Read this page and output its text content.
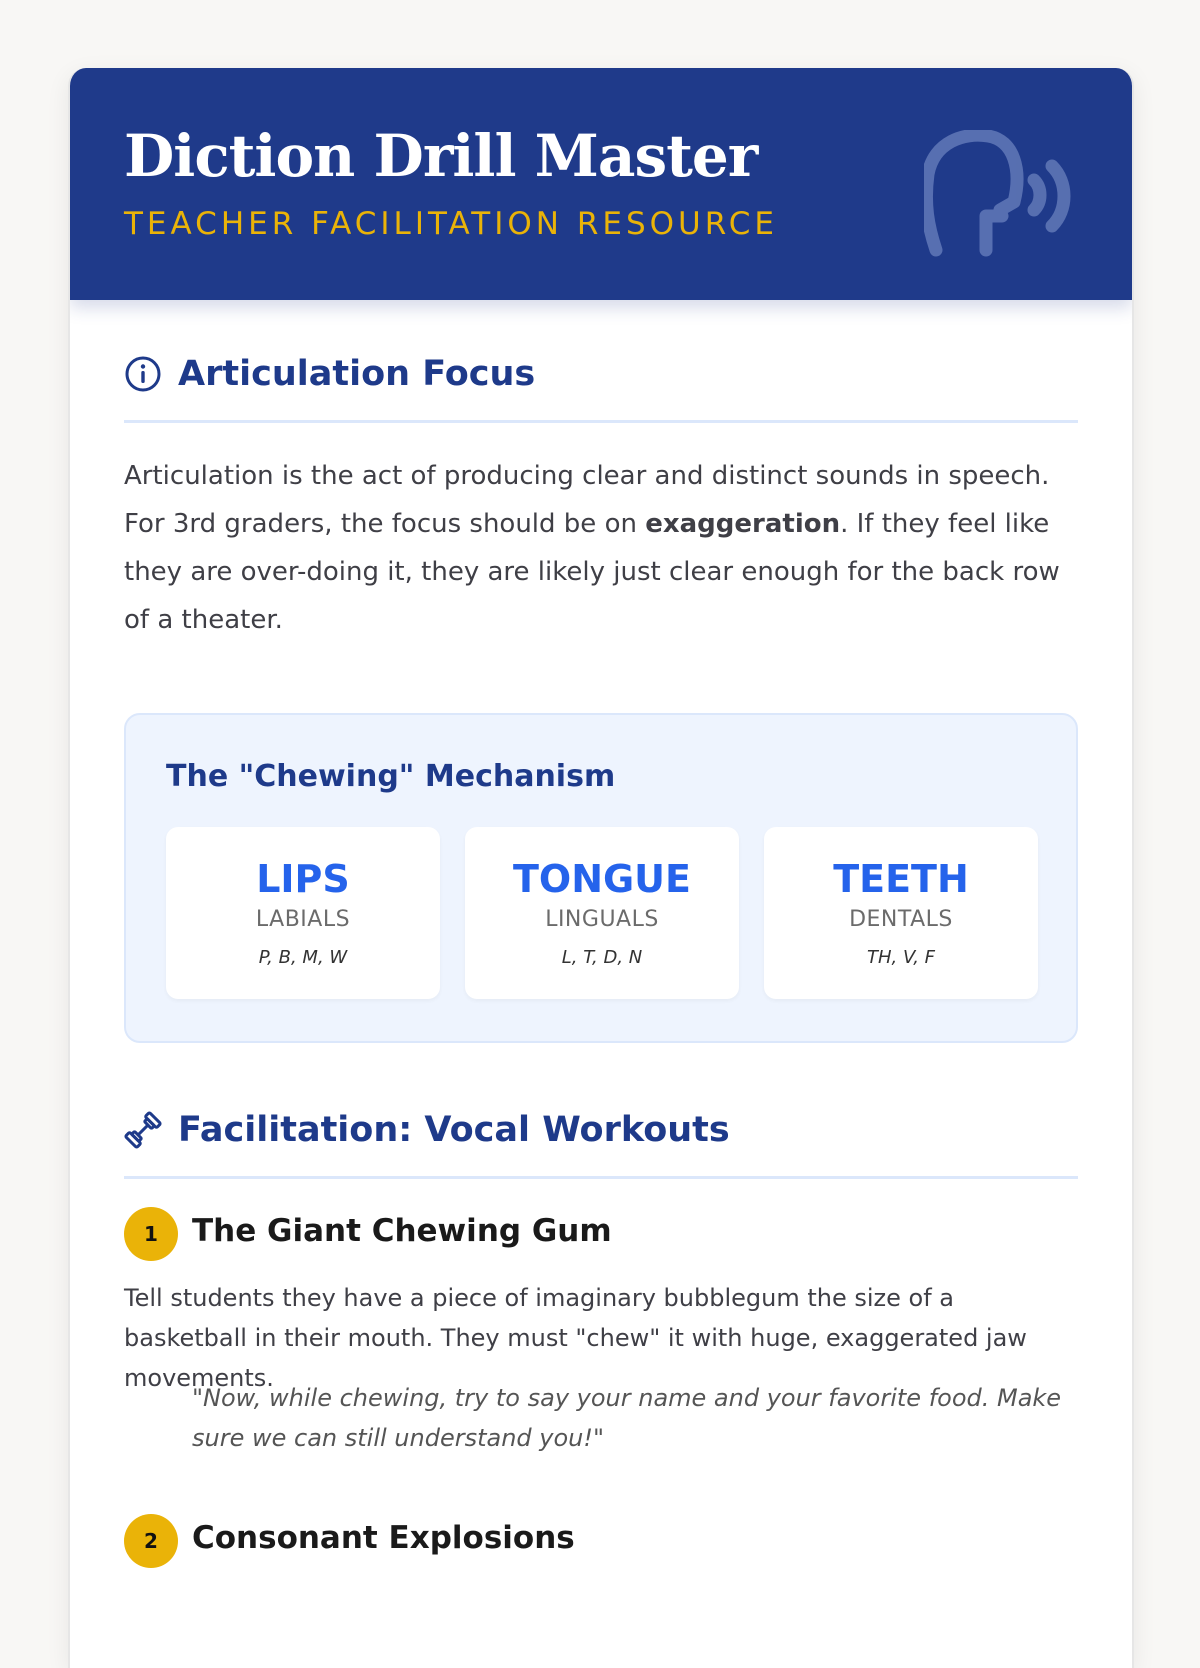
Diction Drill Master
TEACHER FACILITATION RESOURCE
Articulation Focus
Articulation is the act of producing clear and distinct sounds in speech. For 3rd graders, the focus should be on exaggeration. If they feel like they are over-doing it, they are likely just clear enough for the back row of a theater.
The "Chewing" Mechanism
LIPS
LABIALS
P, B, M, W
TONGUE
LINGUALS
L, T, D, N
TEETH
DENTALS
TH, V, F
Facilitation: Vocal Workouts
1	The Giant Chewing Gum
Tell students they have a piece of imaginary bubblegum the size of a basketball in their mouth. They must "chew" it with huge, exaggerated jaw movements.
"Now, while chewing, try to say your name and your favorite food. Make sure we can still understand you!"
2	Consonant Explosions
